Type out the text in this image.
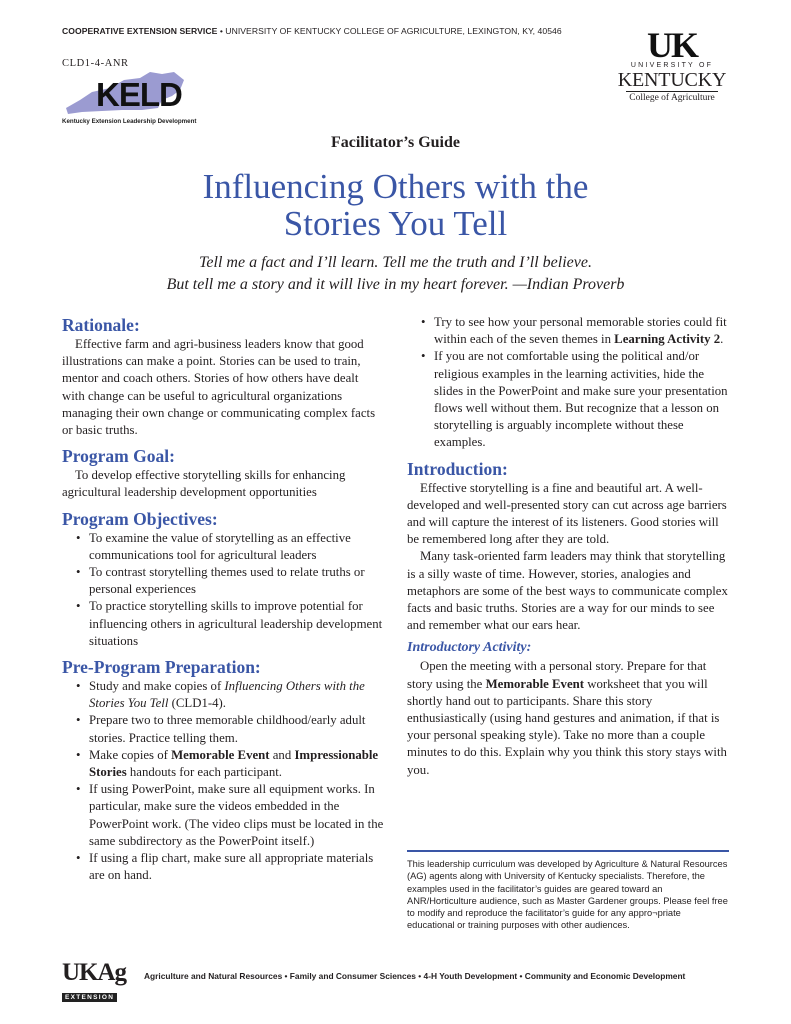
COOPERATIVE EXTENSION SERVICE • UNIVERSITY OF KENTUCKY COLLEGE OF AGRICULTURE, LEXINGTON, KY, 40546
CLD1-4-ANR
KELD
Kentucky Extension Leadership Development
UK
UNIVERSITY OF
KENTUCKY
College of Agriculture
Facilitator’s Guide
Influencing Others with the
Stories You Tell
Tell me a fact and I’ll learn. Tell me the truth and I’ll believe.
But tell me a story and it will live in my heart forever. —Indian Proverb
Rationale:

Effective farm and agri-business leaders know that good illustrations can make a point. Stories can be used to train, mentor and coach others. Stories of how others have dealt with change can be useful to agricultural organizations managing their own change or communicating complex facts or basic truths.

Program Goal:

To develop effective storytelling skills for enhancing agricultural leadership development opportunities

Program Objectives:
• To examine the value of storytelling as an effective communications tool for agricultural leaders
• To contrast storytelling themes used to relate truths or personal experiences
• To practice storytelling skills to improve potential for influencing others in agricultural leadership development situations
Pre-Program Preparation:
• Study and make copies of Influencing Others with the Stories You Tell (CLD1-4).
• Prepare two to three memorable childhood/early adult stories. Practice telling them.
• Make copies of Memorable Event and Impressionable Stories handouts for each participant.
• If using PowerPoint, make sure all equipment works. In particular, make sure the videos embedded in the PowerPoint work. (The video clips must be located in the same subdirectory as the PowerPoint itself.)
• If using a flip chart, make sure all appropriate materials are on hand.
• Try to see how your personal memorable stories could fit within each of the seven themes in Learning Activity 2.
• If you are not comfortable using the political and/or religious examples in the learning activities, hide the slides in the PowerPoint and make sure your presentation flows well without them. But recognize that a lesson on storytelling is arguably incomplete without these examples.
Introduction:

Effective storytelling is a fine and beautiful art. A well-developed and well-presented story can cut across age barriers and will capture the interest of its listeners. Good stories will be remembered long after they are told.

Many task-oriented farm leaders may think that storytelling is a silly waste of time. However, stories, analogies and metaphors are some of the best ways to communicate complex facts and basic truths. Stories are a way for our minds to see and remember what our ears hear.

Introductory Activity:

Open the meeting with a personal story. Prepare for that story using the Memorable Event worksheet that you will shortly hand out to participants. Share this story enthusiastically (using hand gestures and animation, if that is your personal speaking style). Take no more than a couple minutes to do this. Explain why you think this story stays with you.

This leadership curriculum was developed by Agriculture & Natural Resources (AG) agents along with University of Kentucky specialists. Therefore, the examples used in the facilitator’s guides are geared toward an ANR/Horticulture audience, such as Master Gardener groups. Please feel free to modify and reproduce the facilitator’s guide for any appro¬priate educational or training purposes with other audiences.
UKAg
EXTENSION
Agriculture and Natural Resources • Family and Consumer Sciences • 4-H Youth Development • Community and Economic Development
